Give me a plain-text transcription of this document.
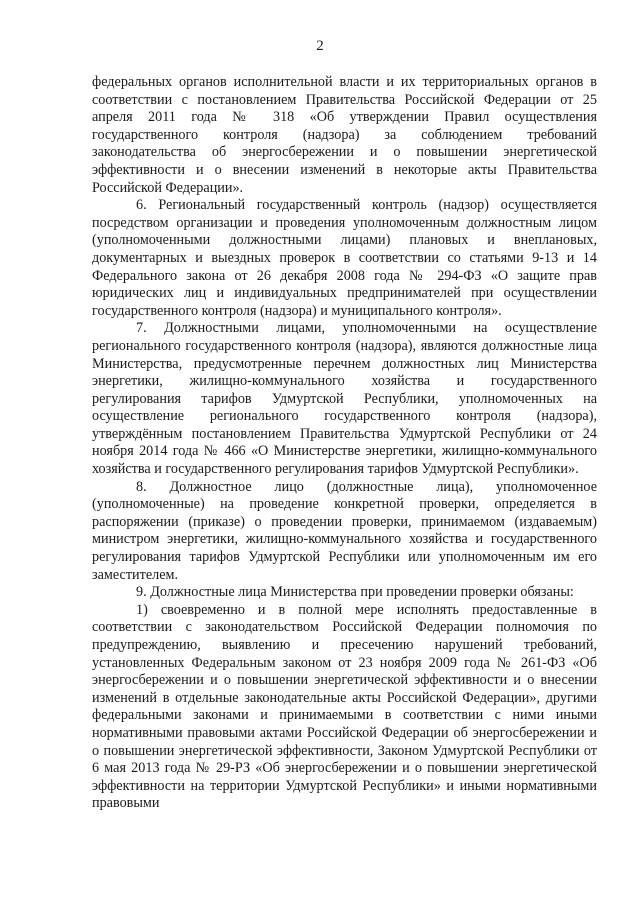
2

федеральных органов исполнительной власти и их территориальных органов в соответствии с постановлением Правительства Российской Федерации от 25 апреля 2011 года № 318 «Об утверждении Правил осуществления государственного контроля (надзора) за соблюдением требований законодательства об энергосбережении и о повышении энергетической эффективности и о внесении изменений в некоторые акты Правительства Российской Федерации».

6. Региональный государственный контроль (надзор) осуществляется посредством организации и проведения уполномоченным должностным лицом (уполномоченными должностными лицами) плановых и внеплановых, документарных и выездных проверок в соответствии со статьями 9-13 и 14 Федерального закона от 26 декабря 2008 года № 294-ФЗ «О защите прав юридических лиц и индивидуальных предпринимателей при осуществлении государственного контроля (надзора) и муниципального контроля».

7. Должностными лицами, уполномоченными на осуществление регионального государственного контроля (надзора), являются должностные лица Министерства, предусмотренные перечнем должностных лиц Министерства энергетики, жилищно-коммунального хозяйства и государственного регулирования тарифов Удмуртской Республики, уполномоченных на осуществление регионального государственного контроля (надзора), утверждённым постановлением Правительства Удмуртской Республики от 24 ноября 2014 года № 466 «О Министерстве энергетики, жилищно-коммунального хозяйства и государственного регулирования тарифов Удмуртской Республики».

8. Должностное лицо (должностные лица), уполномоченное (уполномоченные) на проведение конкретной проверки, определяется в распоряжении (приказе) о проведении проверки, принимаемом (издаваемым) министром энергетики, жилищно-коммунального хозяйства и государственного регулирования тарифов Удмуртской Республики или уполномоченным им его заместителем.

9. Должностные лица Министерства при проведении проверки обязаны:

1) своевременно и в полной мере исполнять предоставленные в соответствии с законодательством Российской Федерации полномочия по предупреждению, выявлению и пресечению нарушений требований, установленных Федеральным законом от 23 ноября 2009 года № 261-ФЗ «Об энергосбережении и о повышении энергетической эффективности и о внесении изменений в отдельные законодательные акты Российской Федерации», другими федеральными законами и принимаемыми в соответствии с ними иными нормативными правовыми актами Российской Федерации об энергосбережении и о повышении энергетической эффективности, Законом Удмуртской Республики от 6 мая 2013 года № 29-РЗ «Об энергосбережении и о повышении энергетической эффективности на территории Удмуртской Республики» и иными нормативными правовыми
